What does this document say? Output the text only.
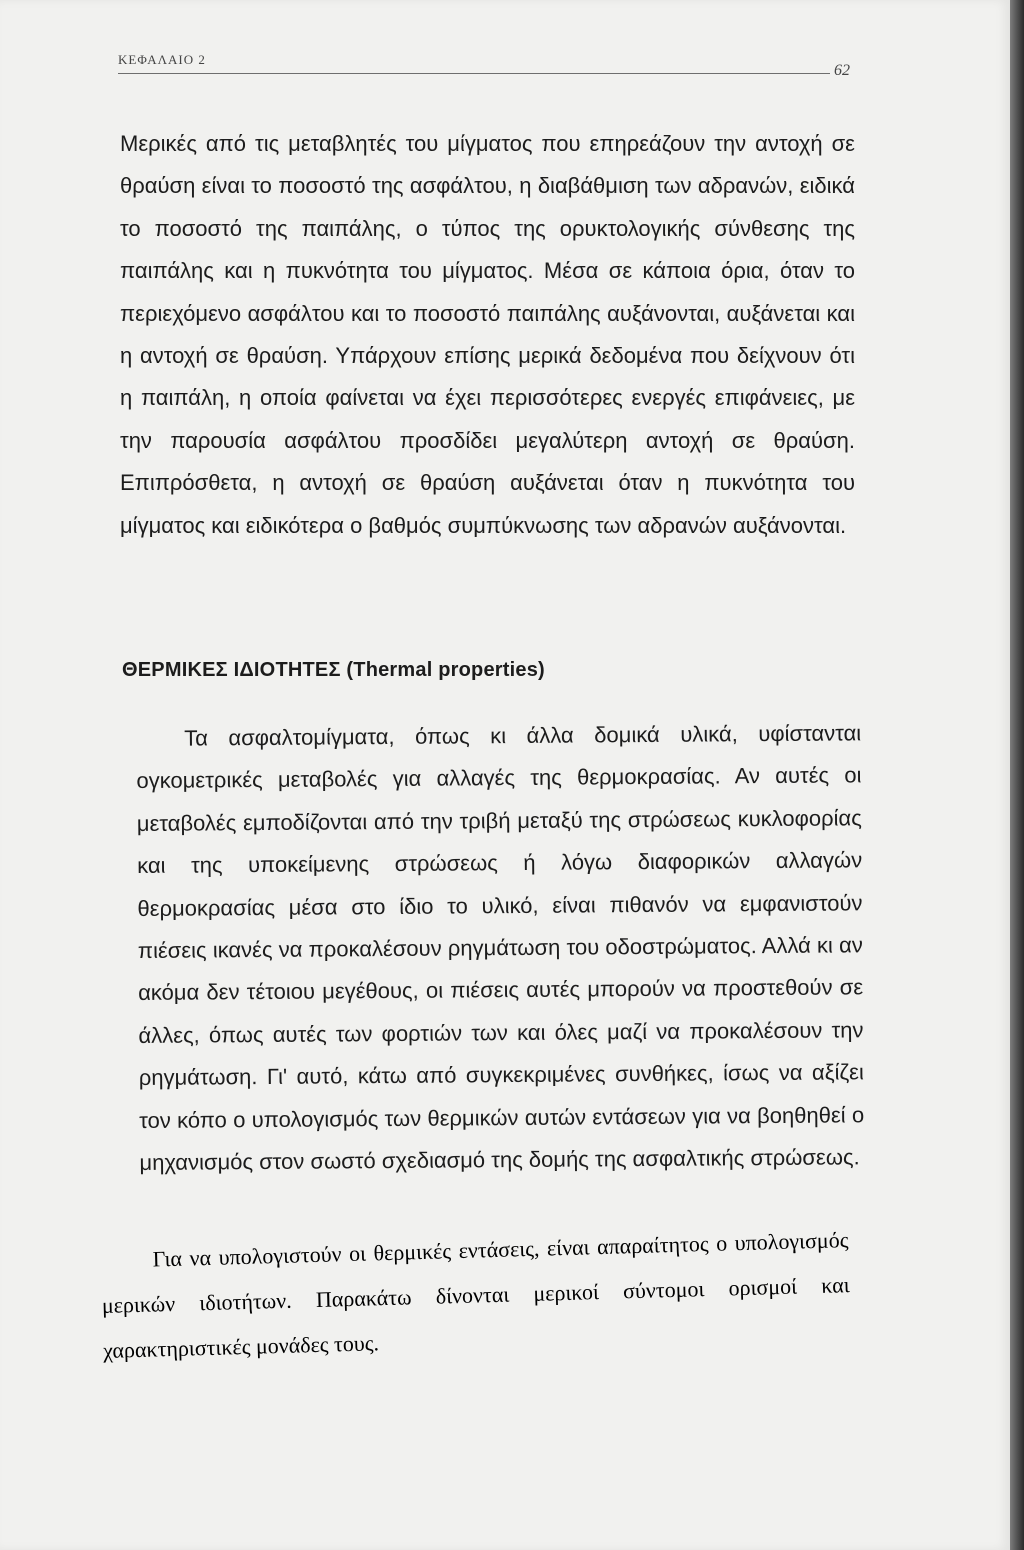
ΚΕΦΑΛΑΙΟ 2
62

Μερικές από τις μεταβλητές του μίγματος που επηρεάζουν την αντοχή σε θραύση είναι το ποσοστό της ασφάλτου, η διαβάθμιση των αδρανών, ειδικά το ποσοστό της παιπάλης, ο τύπος της ορυκτολογικής σύνθεσης της παιπάλης και η πυκνότητα του μίγματος. Μέσα σε κάποια όρια, όταν το περιεχόμενο ασφάλτου και το ποσοστό παιπάλης αυξάνονται, αυξάνεται και η αντοχή σε θραύση. Υπάρχουν επίσης μερικά δεδομένα που δείχνουν ότι η παιπάλη, η οποία φαίνεται να έχει περισσότερες ενεργές επιφάνειες, με την παρουσία ασφάλτου προσδίδει μεγαλύτερη αντοχή σε θραύση. Επιπρόσθετα, η αντοχή σε θραύση αυξάνεται όταν η πυκνότητα του μίγματος και ειδικότερα ο βαθμός συμπύκνωσης των αδρανών αυξάνονται.

ΘΕΡΜΙΚΕΣ ΙΔΙΟΤΗΤΕΣ (Thermal properties)

Τα ασφαλτομίγματα, όπως κι άλλα δομικά υλικά, υφίστανται ογκομετρικές μεταβολές για αλλαγές της θερμοκρασίας. Αν αυτές οι μεταβολές εμποδίζονται από την τριβή μεταξύ της στρώσεως κυκλοφορίας και της υποκείμενης στρώσεως ή λόγω διαφορικών αλλαγών θερμοκρασίας μέσα στο ίδιο το υλικό, είναι πιθανόν να εμφανιστούν πιέσεις ικανές να προκαλέσουν ρηγμάτωση του οδοστρώματος. Αλλά κι αν ακόμα δεν τέτοιου μεγέθους, οι πιέσεις αυτές μπορούν να προστεθούν σε άλλες, όπως αυτές των φορτιών των και όλες μαζί να προκαλέσουν την ρηγμάτωση. Γι' αυτό, κάτω από συγκεκριμένες συνθήκες, ίσως να αξίζει τον κόπο ο υπολογισμός των θερμικών αυτών εντάσεων για να βοηθηθεί ο μηχανισμός στον σωστό σχεδιασμό της δομής της ασφαλτικής στρώσεως.

Για να υπολογιστούν οι θερμικές εντάσεις, είναι απαραίτητος ο υπολογισμός μερικών ιδιοτήτων. Παρακάτω δίνονται μερικοί σύντομοι ορισμοί και χαρακτηριστικές μονάδες τους.
